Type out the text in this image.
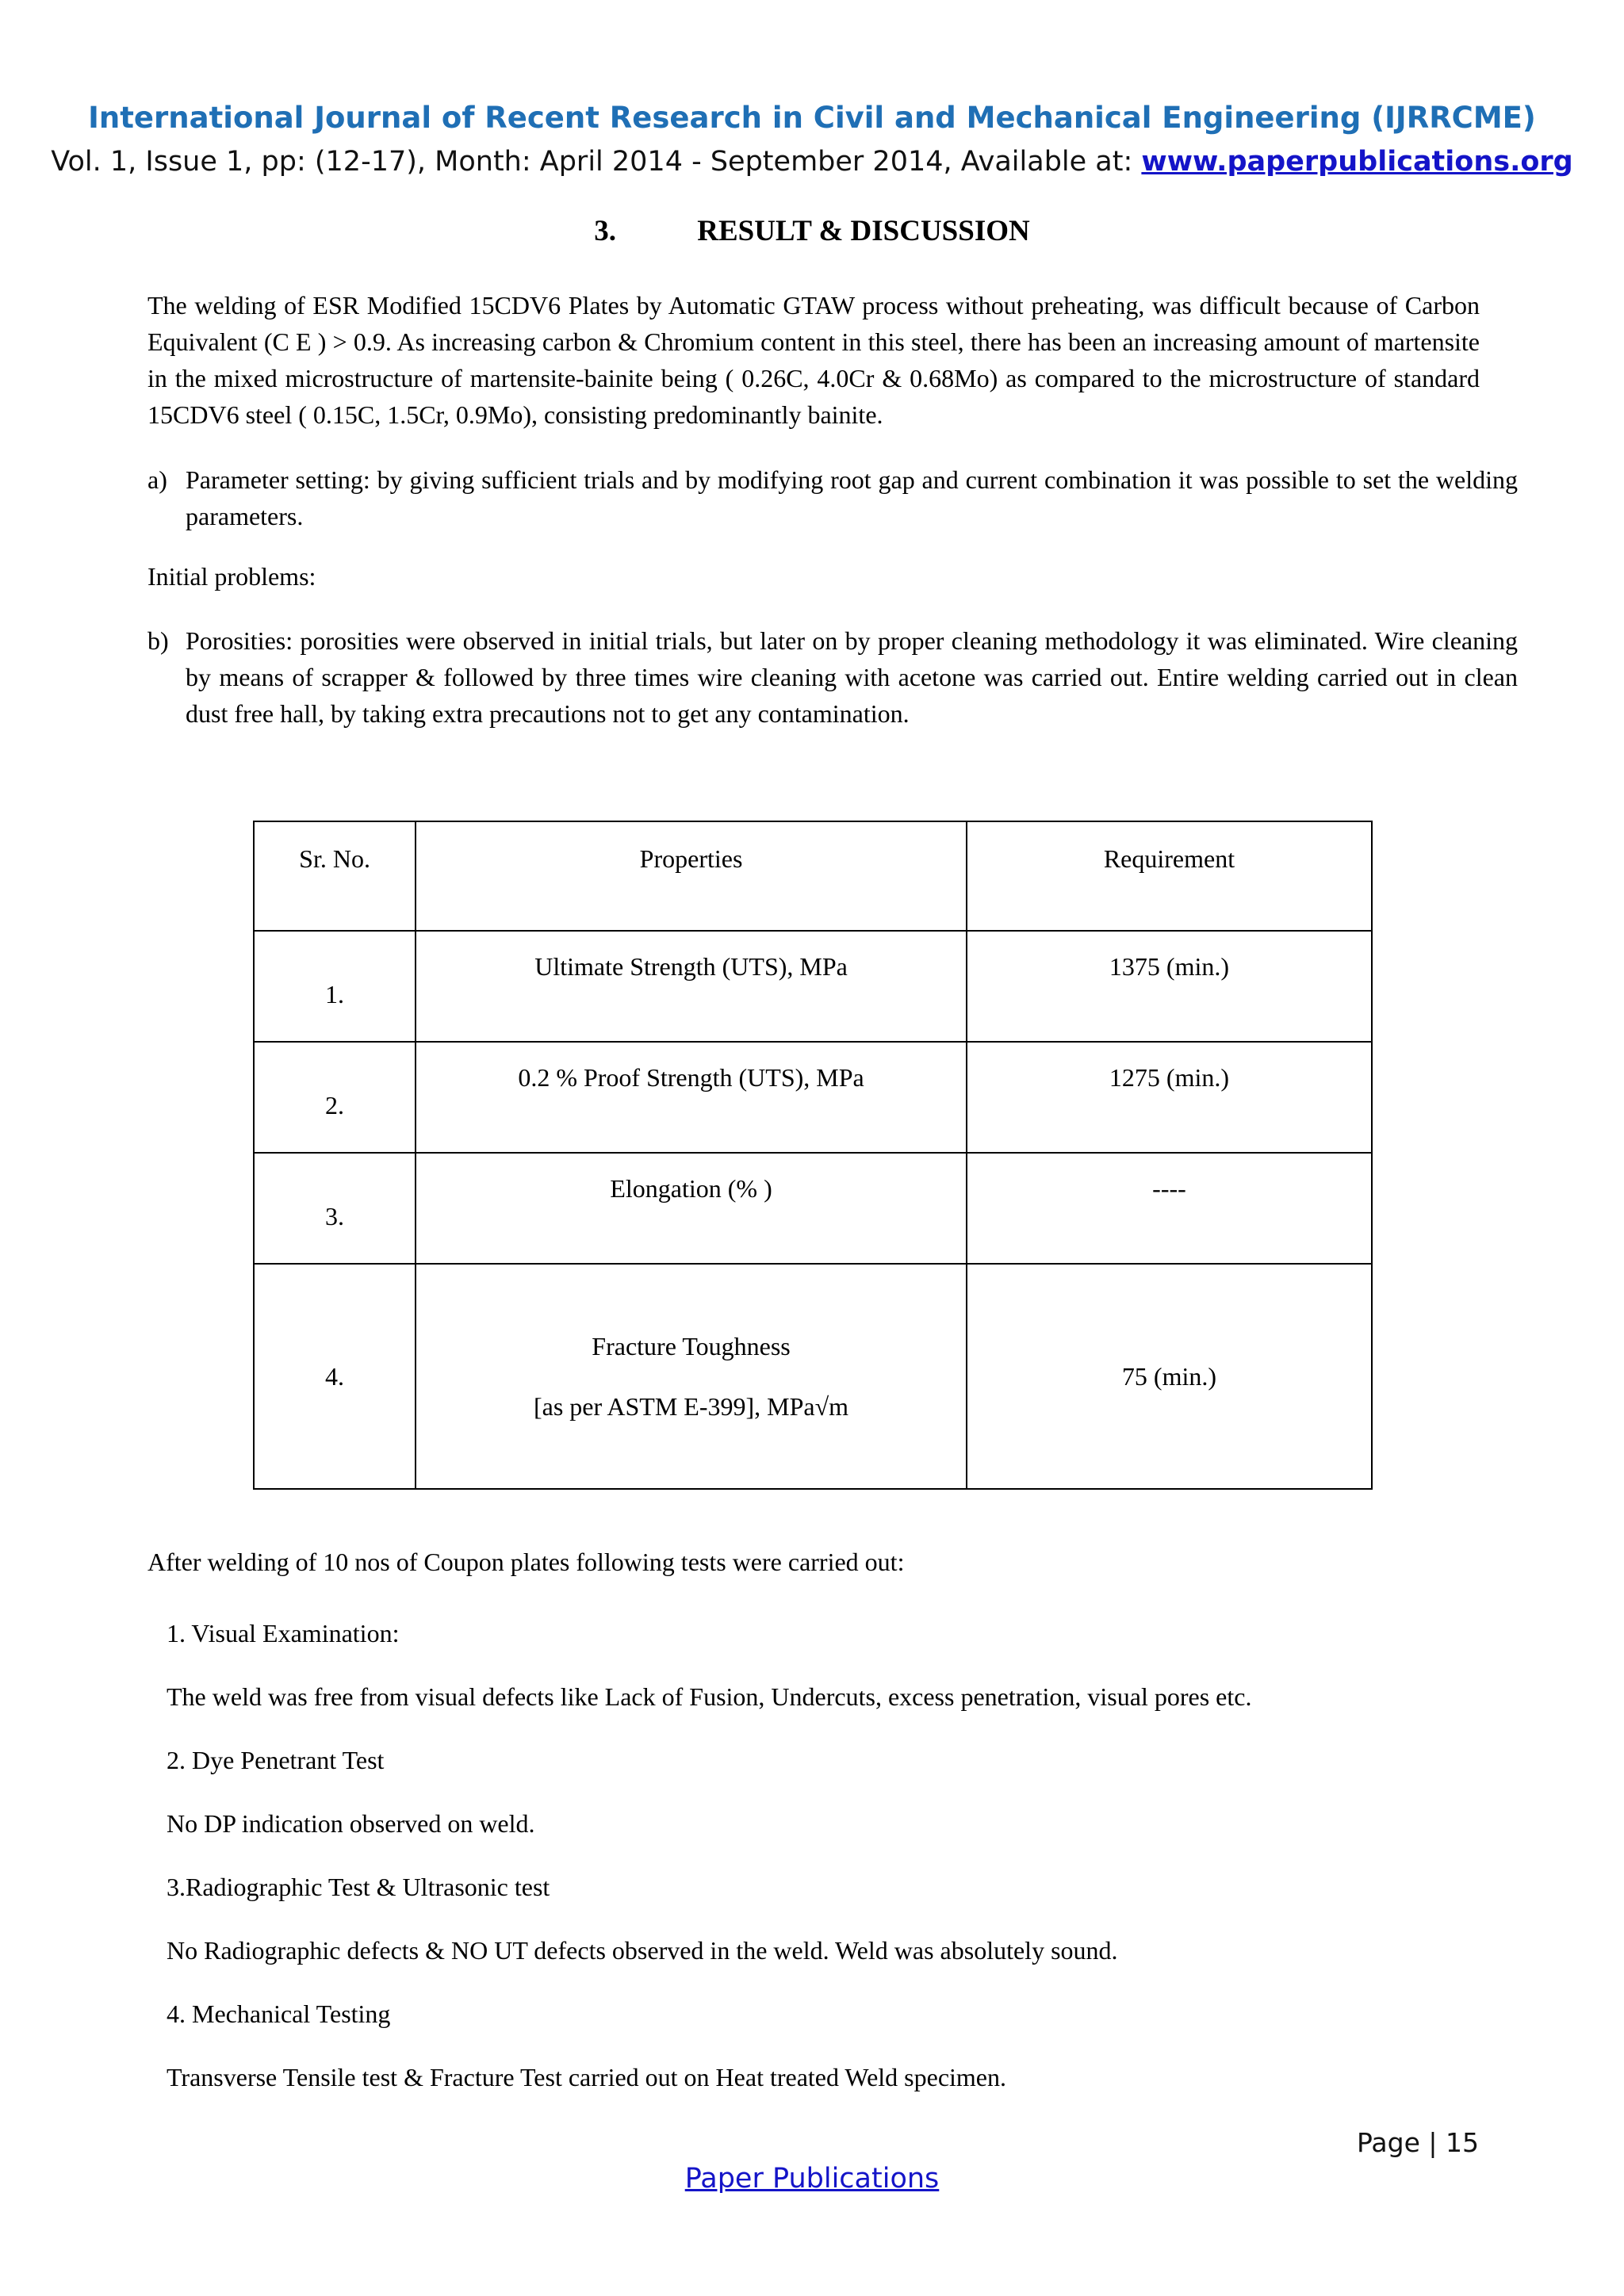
International Journal of Recent Research in Civil and Mechanical Engineering (IJRRCME)
Vol. 1, Issue 1, pp: (12-17), Month: April 2014 - September 2014, Available at: www.paperpublications.org
3.	RESULT & DISCUSSION
The welding of ESR Modified 15CDV6 Plates by Automatic GTAW process without preheating, was difficult because of Carbon Equivalent (C E ) > 0.9. As increasing carbon & Chromium content in this steel, there has been an increasing amount of martensite in the mixed microstructure of martensite-bainite being ( 0.26C, 4.0Cr & 0.68Mo) as compared to the microstructure of standard 15CDV6 steel ( 0.15C, 1.5Cr, 0.9Mo), consisting predominantly bainite.
a) Parameter setting: by giving sufficient trials and by modifying root gap and current combination it was possible to set the welding parameters.
Initial problems:
b) Porosities: porosities were observed in initial trials, but later on by proper cleaning methodology it was eliminated. Wire cleaning by means of scrapper & followed by three times wire cleaning with acetone was carried out. Entire welding carried out in clean dust free hall, by taking extra precautions not to get any contamination.
Sr. No.	Properties	Requirement
1.	Ultimate Strength (UTS), MPa	1375 (min.)
2.	0.2 % Proof Strength (UTS), MPa	1275 (min.)
3.	Elongation (% )	----
4.	Fracture Toughness
[as per ASTM E-399], MPa√m	75 (min.)
After welding of 10 nos of Coupon plates following tests were carried out:
1. Visual Examination:
The weld was free from visual defects like Lack of Fusion, Undercuts, excess penetration, visual pores etc.
2. Dye Penetrant Test
No DP indication observed on weld.
3.Radiographic Test & Ultrasonic test
No Radiographic defects & NO UT defects observed in the weld. Weld was absolutely sound.
4. Mechanical Testing
Transverse Tensile test & Fracture Test carried out on Heat treated Weld specimen.
Page | 15
Paper Publications
